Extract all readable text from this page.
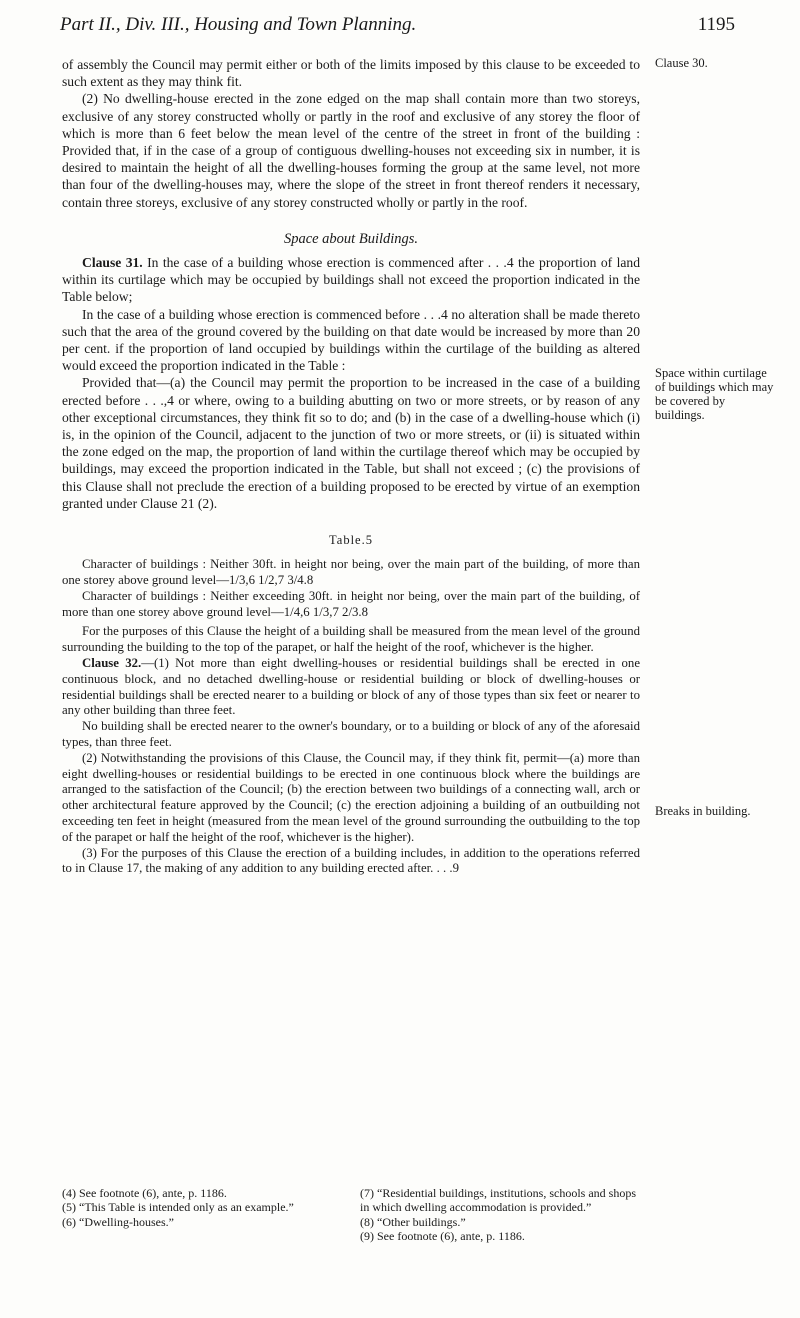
Part II., Div. III., Housing and Town Planning.	1195
Clause 30.
Space within curtilage of buildings which may be covered by buildings.
Breaks in building.

of assembly the Council may permit either or both of the limits imposed by this clause to be exceeded to such extent as they may think fit.

(2) No dwelling-house erected in the zone edged on the map shall contain more than two storeys, exclusive of any storey constructed wholly or partly in the roof and exclusive of any storey the floor of which is more than 6 feet below the mean level of the centre of the street in front of the building : Provided that, if in the case of a group of contiguous dwelling-houses not exceeding six in number, it is desired to maintain the height of all the dwelling-houses forming the group at the same level, not more than four of the dwelling-houses may, where the slope of the street in front thereof renders it necessary, contain three storeys, exclusive of any storey constructed wholly or partly in the roof.

Space about Buildings.

Clause 31. In the case of a building whose erection is commenced after . . .4 the proportion of land within its curtilage which may be occupied by buildings shall not exceed the proportion indicated in the Table below;

In the case of a building whose erection is commenced before . . .4 no alteration shall be made thereto such that the area of the ground covered by the building on that date would be increased by more than 20 per cent. if the proportion of land occupied by buildings within the curtilage of the building as altered would exceed the proportion indicated in the Table :

Provided that—(a) the Council may permit the proportion to be increased in the case of a building erected before . . .,4 or where, owing to a building abutting on two or more streets, or by reason of any other exceptional circumstances, they think fit so to do; and (b) in the case of a dwelling-house which (i) is, in the opinion of the Council, adjacent to the junction of two or more streets, or (ii) is situated within the zone edged on the map, the proportion of land within the curtilage thereof which may be occupied by buildings, may exceed the proportion indicated in the Table, but shall not exceed ; (c) the provisions of this Clause shall not preclude the erection of a building proposed to be erected by virtue of an exemption granted under Clause 21 (2).

Table.5

Character of buildings : Neither 30ft. in height nor being, over the main part of the building, of more than one storey above ground level—1/3,6 1/2,7 3/4.8

Character of buildings : Neither exceeding 30ft. in height nor being, over the main part of the building, of more than one storey above ground level—1/4,6 1/3,7 2/3.8

For the purposes of this Clause the height of a building shall be measured from the mean level of the ground surrounding the building to the top of the parapet, or half the height of the roof, whichever is the higher.

Clause 32.—(1) Not more than eight dwelling-houses or residential buildings shall be erected in one continuous block, and no detached dwelling-house or residential building or block of dwelling-houses or residential buildings shall be erected nearer to a building or block of any of those types than six feet or nearer to any other building than three feet.

No building shall be erected nearer to the owner's boundary, or to a building or block of any of the aforesaid types, than three feet.

(2) Notwithstanding the provisions of this Clause, the Council may, if they think fit, permit—(a) more than eight dwelling-houses or residential buildings to be erected in one continuous block where the buildings are arranged to the satisfaction of the Council; (b) the erection between two buildings of a connecting wall, arch or other architectural feature approved by the Council; (c) the erection adjoining a building of an outbuilding not exceeding ten feet in height (measured from the mean level of the ground surrounding the outbuilding to the top of the parapet or half the height of the roof, whichever is the higher).

(3) For the purposes of this Clause the erection of a building includes, in addition to the operations referred to in Clause 17, the making of any addition to any building erected after. . . .9

(4) See footnote (6), ante, p. 1186.

(5) “This Table is intended only as an example.”

(6) “Dwelling-houses.”

(7) “Residential buildings, institutions, schools and shops in which dwelling accommodation is provided.”

(8) “Other buildings.”

(9) See footnote (6), ante, p. 1186.
